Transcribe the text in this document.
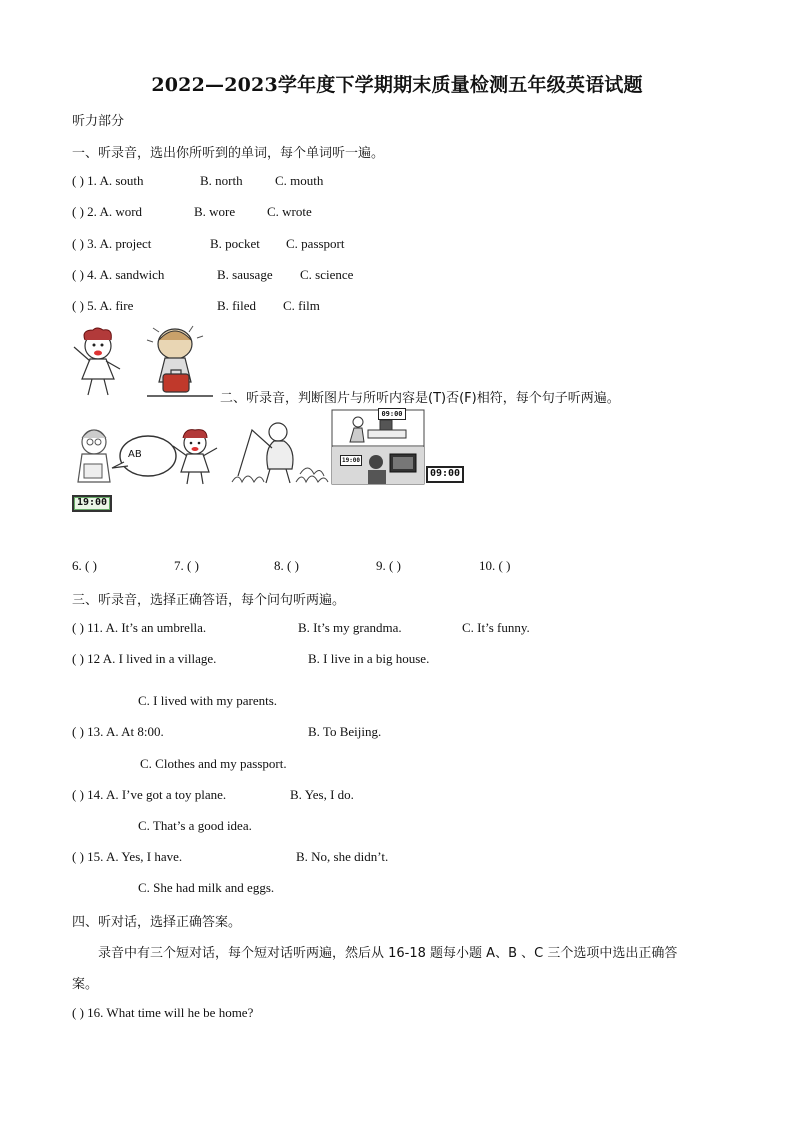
2022—2023学年度下学期期末质量检测五年级英语试题
听力部分
一、听录音，选出你所听到的单词，每个单词听一遍。
( ) 1. A. south	B. north C. mouth
( ) 2. A. word	B. wore C. wrote
( ) 3. A. project	B. pocket C. passport
( ) 4. A. sandwich	B. sausage C. science
( ) 5. A. fire	B. filed C. film
二、听录音，判断图片与所听内容是(T)否(F)相符，每个句子听两遍。
AB
09:00
19:00
09:00
19:00
6. ( )	7. ( )	8. ( )	9. ( )	10. ( )
三、听录音，选择正确答语，每个问句听两遍。
( ) 11. A. It’s an umbrella.	B. It’s my grandma.	C. It’s funny.
( ) 12 A. I lived in a village.	B. I live in a big house.
C. I lived with my parents.
( ) 13. A. At 8:00.	B. To Beijing.
C. Clothes and my passport.
( ) 14. A. I’ve got a toy plane.	B. Yes, I do.
C. That’s a good idea.
( ) 15. A. Yes, I have.	B. No, she didn’t.
C. She had milk and eggs.
四、听对话，选择正确答案。
录音中有三个短对话，每个短对话听两遍，然后从 16-18 题每小题 A、B 、C 三个选项中选出正确答
案。
( ) 16. What time will he be home?
